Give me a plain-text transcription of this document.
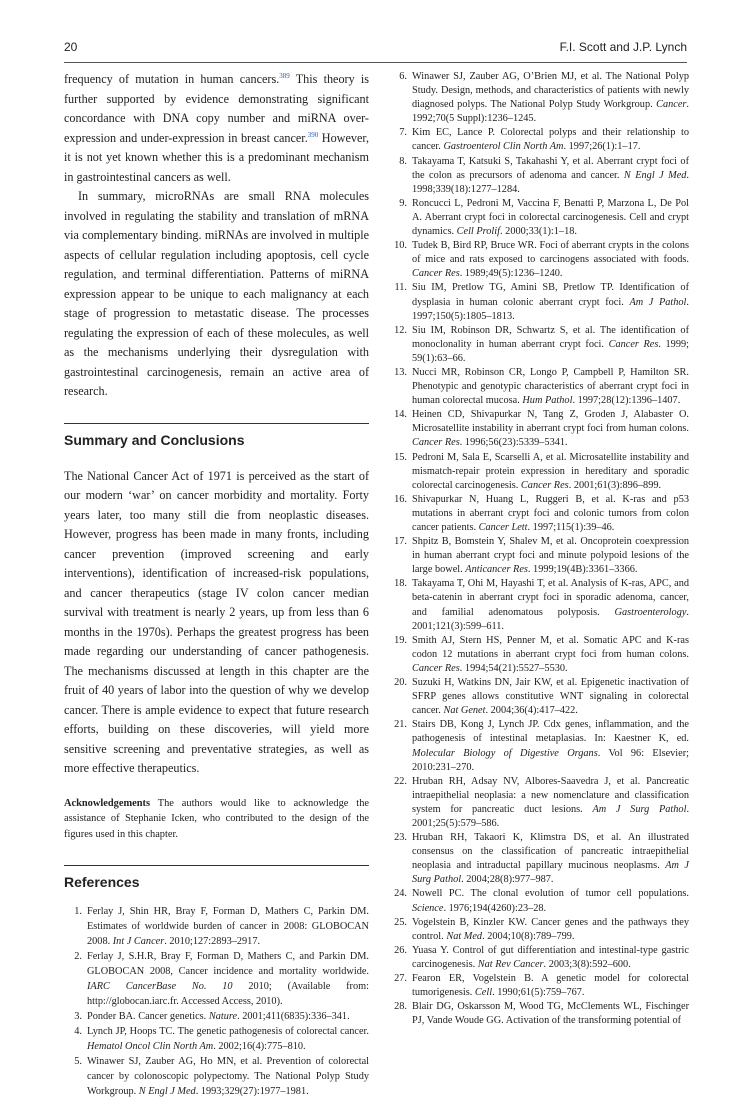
20	F.I. Scott and J.P. Lynch

frequency of mutation in human cancers.$^{389}$ This theory is further supported by evidence demonstrating significant concordance with DNA copy number and miRNA over-expression and under-expression in breast cancer.$^{390}$ However, it is not yet known whether this is a predominant mechanism in gastrointestinal cancers as well.

In summary, microRNAs are small RNA molecules involved in regulating the stability and translation of mRNA via complementary binding. miRNAs are involved in multiple aspects of cellular regulation including apoptosis, cell cycle regulation, and terminal differentiation. Patterns of miRNA expression appear to be unique to each malignancy at each stage of progression to metastatic disease. The processes regulating the expression of each of these molecules, as well as the mechanisms underlying their dysregulation with gastrointestinal carcinogenesis, remain an active area of research.

Summary and Conclusions

The National Cancer Act of 1971 is perceived as the start of our modern ‘war’ on cancer morbidity and mortality. Forty years later, too many still die from neoplastic diseases. However, progress has been made in many fronts, including cancer prevention (improved screening and early interventions), identification of increased-risk populations, and cancer therapeutics (stage IV colon cancer median survival with treatment is nearly 2 years, up from less than 6 months in the 1970s). Perhaps the greatest progress has been made regarding our understanding of cancer pathogenesis. The mechanisms discussed at length in this chapter are the fruit of 40 years of labor into the question of why we develop cancer. There is ample evidence to expect that future research efforts, building on these discoveries, will yield more sensitive screening and preventative strategies, as well as more effective therapeutics.

Acknowledgements The authors would like to acknowledge the assistance of Stephanie Icken, who contributed to the design of the figures used in this chapter.

References
1. Ferlay J, Shin HR, Bray F, Forman D, Mathers C, Parkin DM. Estimates of worldwide burden of cancer in 2008: GLOBOCAN 2008. Int J Cancer. 2010;127:2893–2917.
2. Ferlay J, S.H.R, Bray F, Forman D, Mathers C, and Parkin DM. GLOBOCAN 2008, Cancer incidence and mortality worldwide. IARC CancerBase No. 10 2010; (Available from: http://globocan.iarc.fr. Accessed Access, 2010).
3. Ponder BA. Cancer genetics. Nature. 2001;411(6835):336–341.
4. Lynch JP, Hoops TC. The genetic pathogenesis of colorectal cancer. Hematol Oncol Clin North Am. 2002;16(4):775–810.
5. Winawer SJ, Zauber AG, Ho MN, et al. Prevention of colorectal cancer by colonoscopic polypectomy. The National Polyp Study Workgroup. N Engl J Med. 1993;329(27):1977–1981.
6. Winawer SJ, Zauber AG, O’Brien MJ, et al. The National Polyp Study. Design, methods, and characteristics of patients with newly diagnosed polyps. The National Polyp Study Workgroup. Cancer. 1992;70(5 Suppl):1236–1245.
7. Kim EC, Lance P. Colorectal polyps and their relationship to cancer. Gastroenterol Clin North Am. 1997;26(1):1–17.
8. Takayama T, Katsuki S, Takahashi Y, et al. Aberrant crypt foci of the colon as precursors of adenoma and cancer. N Engl J Med. 1998;339(18):1277–1284.
9. Roncucci L, Pedroni M, Vaccina F, Benatti P, Marzona L, De Pol A. Aberrant crypt foci in colorectal carcinogenesis. Cell and crypt dynamics. Cell Prolif. 2000;33(1):1–18.
10. Tudek B, Bird RP, Bruce WR. Foci of aberrant crypts in the colons of mice and rats exposed to carcinogens associated with foods. Cancer Res. 1989;49(5):1236–1240.
11. Siu IM, Pretlow TG, Amini SB, Pretlow TP. Identification of dysplasia in human colonic aberrant crypt foci. Am J Pathol. 1997;150(5):1805–1813.
12. Siu IM, Robinson DR, Schwartz S, et al. The identification of monoclonality in human aberrant crypt foci. Cancer Res. 1999; 59(1):63–66.
13. Nucci MR, Robinson CR, Longo P, Campbell P, Hamilton SR. Phenotypic and genotypic characteristics of aberrant crypt foci in human colorectal mucosa. Hum Pathol. 1997;28(12):1396–1407.
14. Heinen CD, Shivapurkar N, Tang Z, Groden J, Alabaster O. Microsatellite instability in aberrant crypt foci from human colons. Cancer Res. 1996;56(23):5339–5341.
15. Pedroni M, Sala E, Scarselli A, et al. Microsatellite instability and mismatch-repair protein expression in hereditary and sporadic colorectal carcinogenesis. Cancer Res. 2001;61(3):896–899.
16. Shivapurkar N, Huang L, Ruggeri B, et al. K-ras and p53 mutations in aberrant crypt foci and colonic tumors from colon cancer patients. Cancer Lett. 1997;115(1):39–46.
17. Shpitz B, Bomstein Y, Shalev M, et al. Oncoprotein coexpression in human aberrant crypt foci and minute polypoid lesions of the large bowel. Anticancer Res. 1999;19(4B):3361–3366.
18. Takayama T, Ohi M, Hayashi T, et al. Analysis of K-ras, APC, and beta-catenin in aberrant crypt foci in sporadic adenoma, cancer, and familial adenomatous polyposis. Gastroenterology. 2001;121(3):599–611.
19. Smith AJ, Stern HS, Penner M, et al. Somatic APC and K-ras codon 12 mutations in aberrant crypt foci from human colons. Cancer Res. 1994;54(21):5527–5530.
20. Suzuki H, Watkins DN, Jair KW, et al. Epigenetic inactivation of SFRP genes allows constitutive WNT signaling in colorectal cancer. Nat Genet. 2004;36(4):417–422.
21. Stairs DB, Kong J, Lynch JP. Cdx genes, inflammation, and the pathogenesis of intestinal metaplasias. In: Kaestner K, ed. Molecular Biology of Digestive Organs. Vol 96: Elsevier; 2010:231–270.
22. Hruban RH, Adsay NV, Albores-Saavedra J, et al. Pancreatic intraepithelial neoplasia: a new nomenclature and classification system for pancreatic duct lesions. Am J Surg Pathol. 2001;25(5):579–586.
23. Hruban RH, Takaori K, Klimstra DS, et al. An illustrated consensus on the classification of pancreatic intraepithelial neoplasia and intraductal papillary mucinous neoplasms. Am J Surg Pathol. 2004;28(8):977–987.
24. Nowell PC. The clonal evolution of tumor cell populations. Science. 1976;194(4260):23–28.
25. Vogelstein B, Kinzler KW. Cancer genes and the pathways they control. Nat Med. 2004;10(8):789–799.
26. Yuasa Y. Control of gut differentiation and intestinal-type gastric carcinogenesis. Nat Rev Cancer. 2003;3(8):592–600.
27. Fearon ER, Vogelstein B. A genetic model for colorectal tumorigenesis. Cell. 1990;61(5):759–767.
28. Blair DG, Oskarsson M, Wood TG, McClements WL, Fischinger PJ, Vande Woude GG. Activation of the transforming potential of
